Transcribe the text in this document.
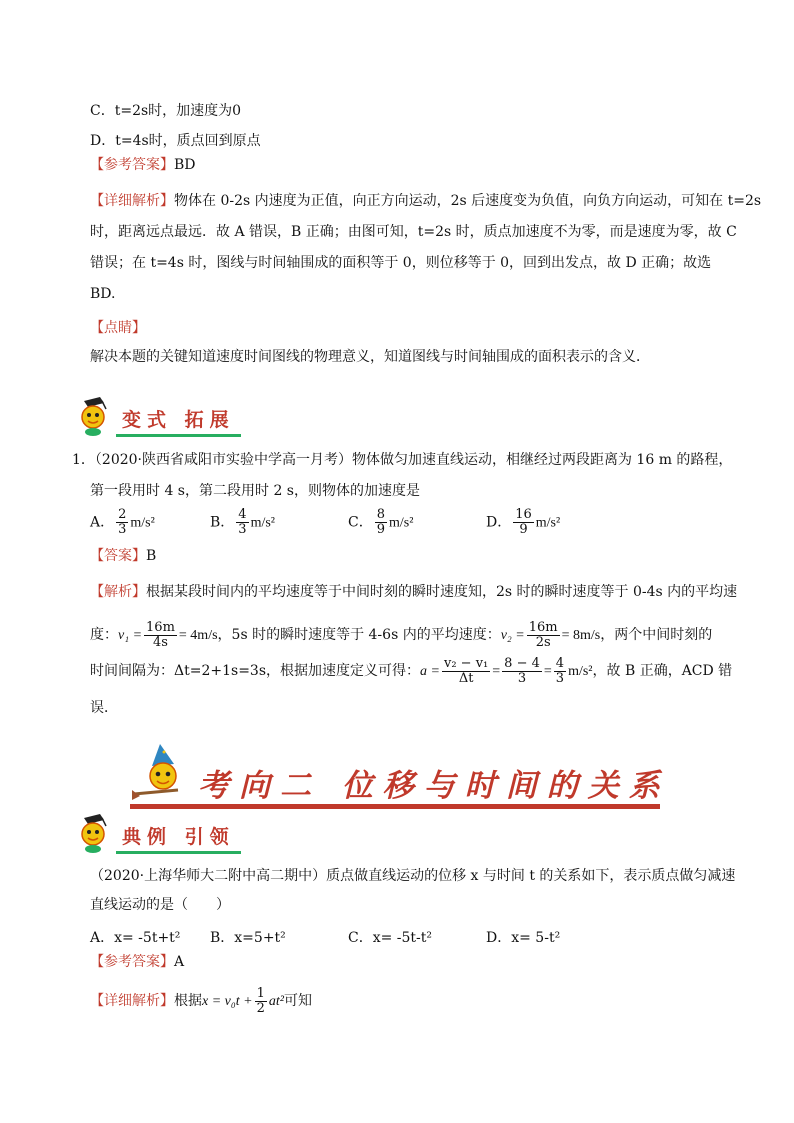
C．t=2s时，加速度为0
D．t=4s时，质点回到原点
【参考答案】BD
【详细解析】物体在 0-2s 内速度为正值，向正方向运动，2s 后速度变为负值，向负方向运动，可知在 t=2s
时，距离远点最远．故 A 错误，B 正确；由图可知，t=2s 时，质点加速度不为零，而是速度为零，故 C
错误；在 t=4s 时，图线与时间轴围成的面积等于 0，则位移等于 0，回到出发点，故 D 正确；故选
BD.
【点睛】
解决本题的关键知道速度时间图线的物理意义，知道图线与时间轴围成的面积表示的含义．
变式 拓展
1．（2020·陕西省咸阳市实验中学高一月考）物体做匀加速直线运动，相继经过两段距离为 16 m 的路程，
第一段用时 4 s，第二段用时 2 s，则物体的加速度是
A． $\frac{2}{3} m/s^2$	B． $\frac{4}{3} m/s^2$	C． $\frac{8}{9} m/s^2$	D． $\frac{16}{9} m/s^2$
【答案】B
【解析】根据某段时间内的平均速度等于中间时刻的瞬时速度知，2s 时的瞬时速度等于 0-4s 内的平均速
度：$v_1 = \frac{16m}{4s} = 4m/s$，5s 时的瞬时速度等于 4-6s 内的平均速度：$v_2 = \frac{16m}{2s} = 8m/s$，两个中间时刻的
时间间隔为：Δt=2+1s=3s，根据加速度定义可得：$a = \frac{\text{v₂ − v₁}}{\Delta t} = \frac{8 - 4}{3} = \frac{4}{3} m/s^2$，故 B 正确，ACD 错
误．
考向二 位移与时间的关系
典例 引领
（2020·上海华师大二附中高二期中）质点做直线运动的位移 x 与时间 t 的关系如下，表示质点做匀减速
直线运动的是（　　）
A．x= -5t+t² B．x=5+t²	C．x= -5t-t²	D．x= 5-t²
【参考答案】A
【详细解析】根据$x = v_0t + \frac{1}{2} at^2$可知
